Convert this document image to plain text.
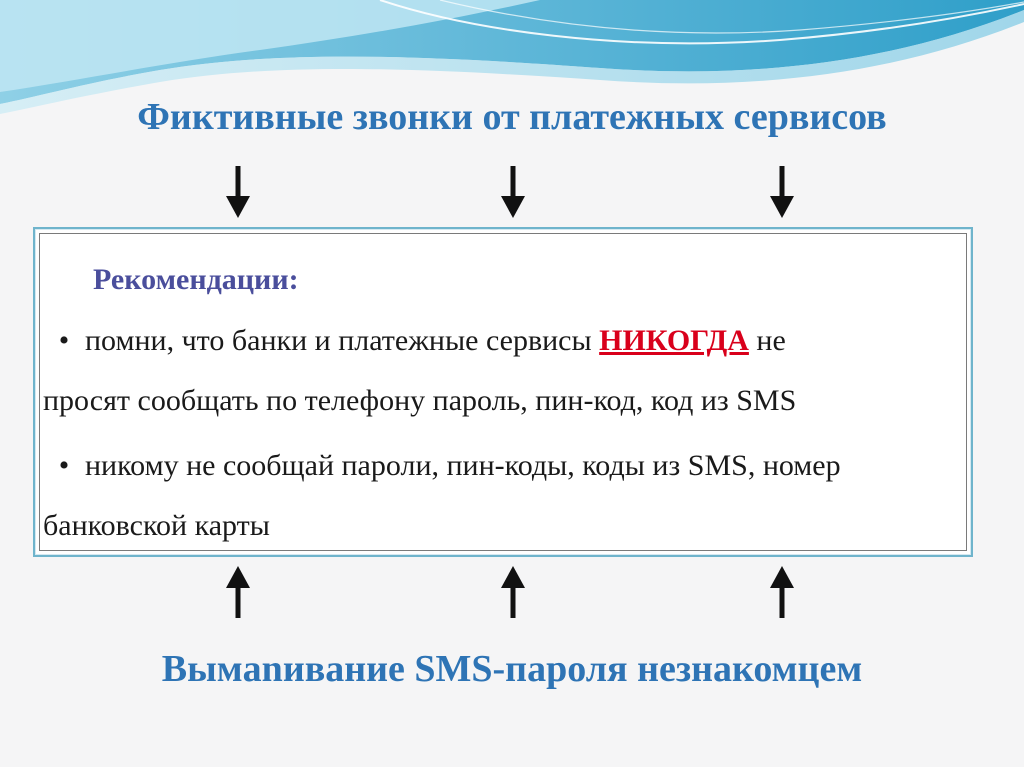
Фиктивные звонки от платежных сервисов
Рекомендации:

• помни, что банки и платежные сервисы НИКОГДА не

просят сообщать по телефону пароль, пин-код, код из SMS

• никому не сообщай пароли, пин-коды, коды из SMS, номер

банковской карты

Вымanивание SMS-пароля незнакомцем
